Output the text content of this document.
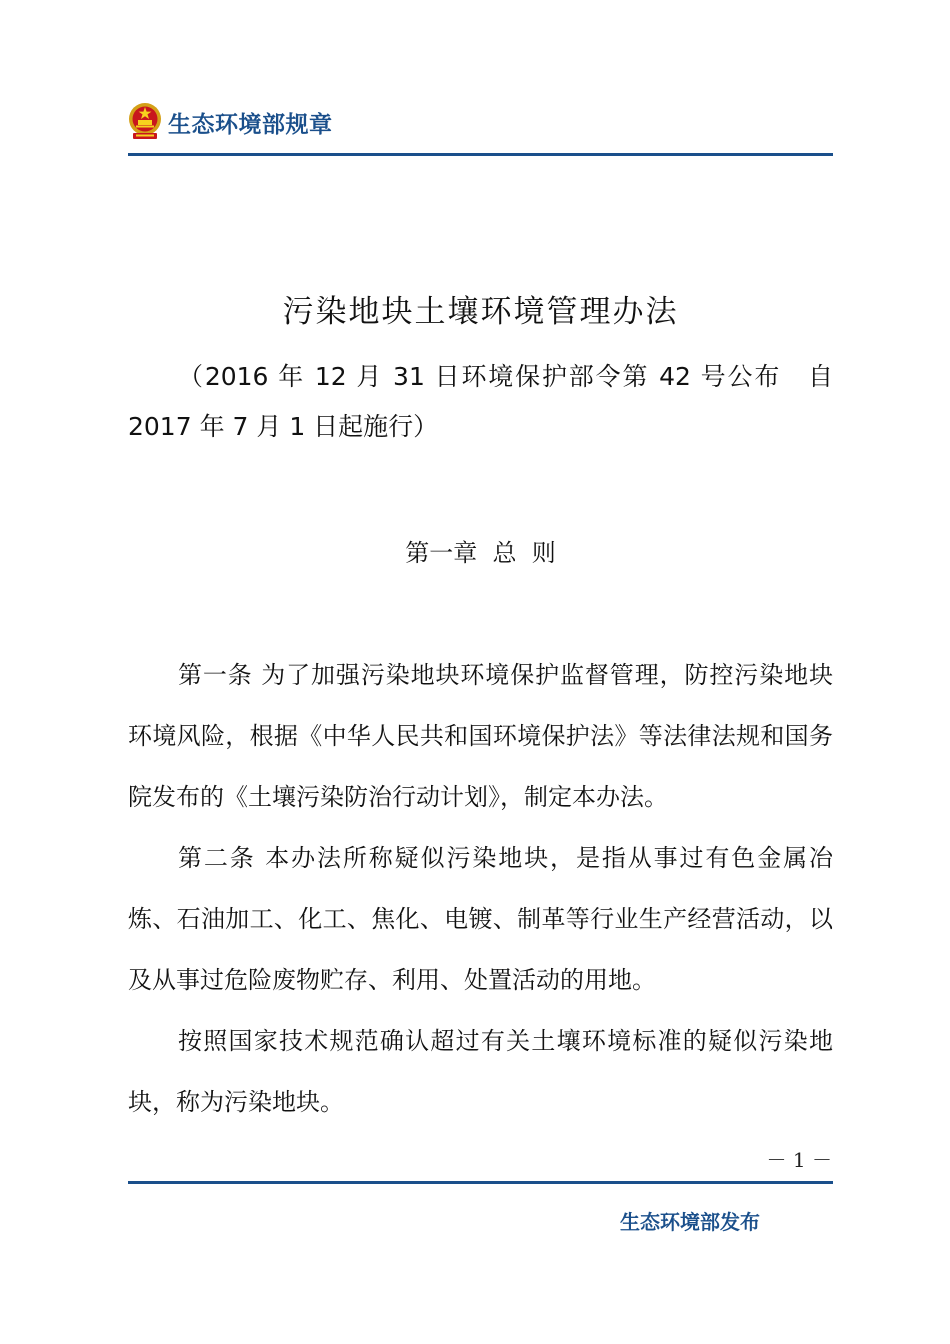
生态环境部规章
污染地块土壤环境管理办法
（2016 年 12 月 31 日环境保护部令第 42 号公布　自 2017 年 7 月 1 日起施行）
第一章  总  则

第一条 为了加强污染地块环境保护监督管理，防控污染地块环境风险，根据《中华人民共和国环境保护法》等法律法规和国务院发布的《土壤污染防治行动计划》，制定本办法。

第二条 本办法所称疑似污染地块，是指从事过有色金属冶炼、石油加工、化工、焦化、电镀、制革等行业生产经营活动，以及从事过危险废物贮存、利用、处置活动的用地。

按照国家技术规范确认超过有关土壤环境标准的疑似污染地块，称为污染地块。

－ 1 －
生态环境部发布
